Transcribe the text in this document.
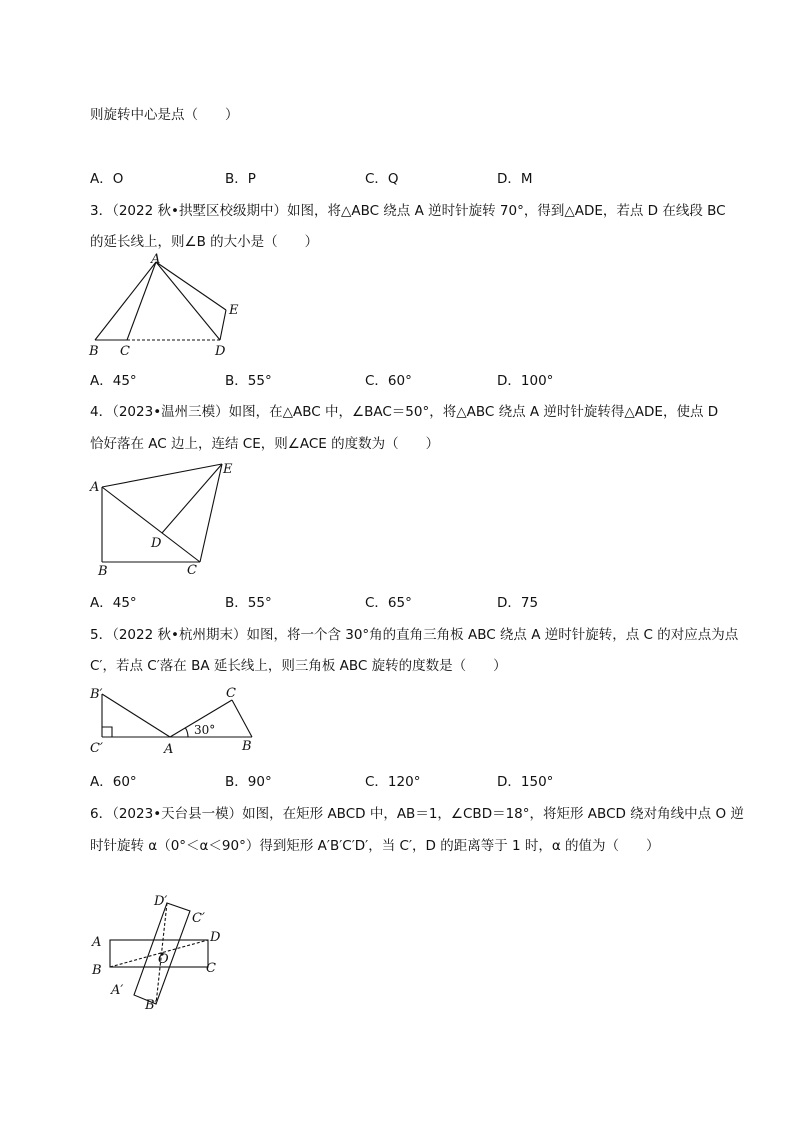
则旋转中心是点（　　）
A．O	B．P	C．Q	D．M
3．（2022 秋•拱墅区校级期中）如图，将△ABC 绕点 A 逆时针旋转 70°，得到△ADE，若点 D 在线段 BC
的延长线上，则∠B 的大小是（　　）
A
B C	D
E
A．45°	B．55°	C．60°	D．100°
4．（2023•温州三模）如图，在△ABC 中，∠BAC＝50°，将△ABC 绕点 A 逆时针旋转得△ADE，使点 D
恰好落在 AC 边上，连结 CE，则∠ACE 的度数为（　　）
A
B	C
D
E
A．45°	B．55°	C．65°	D．75
5．（2022 秋•杭州期末）如图，将一个含 30°角的直角三角板 ABC 绕点 A 逆时针旋转，点 C 的对应点为点
C′，若点 C′落在 BA 延长线上，则三角板 ABC 旋转的度数是（　　）
B′
C′	A	B
C
30°
A．60°	B．90°	C．120°	D．150°
6．（2023•天台县一模）如图，在矩形 ABCD 中，AB＝1，∠CBD＝18°，将矩形 ABCD 绕对角线中点 O 逆
时针旋转 α（0°＜α＜90°）得到矩形 A′B′C′D′，当 C′，D 的距离等于 1 时，α 的值为（　　）
A
B	C
D
O
A′
B′
C′
D′
